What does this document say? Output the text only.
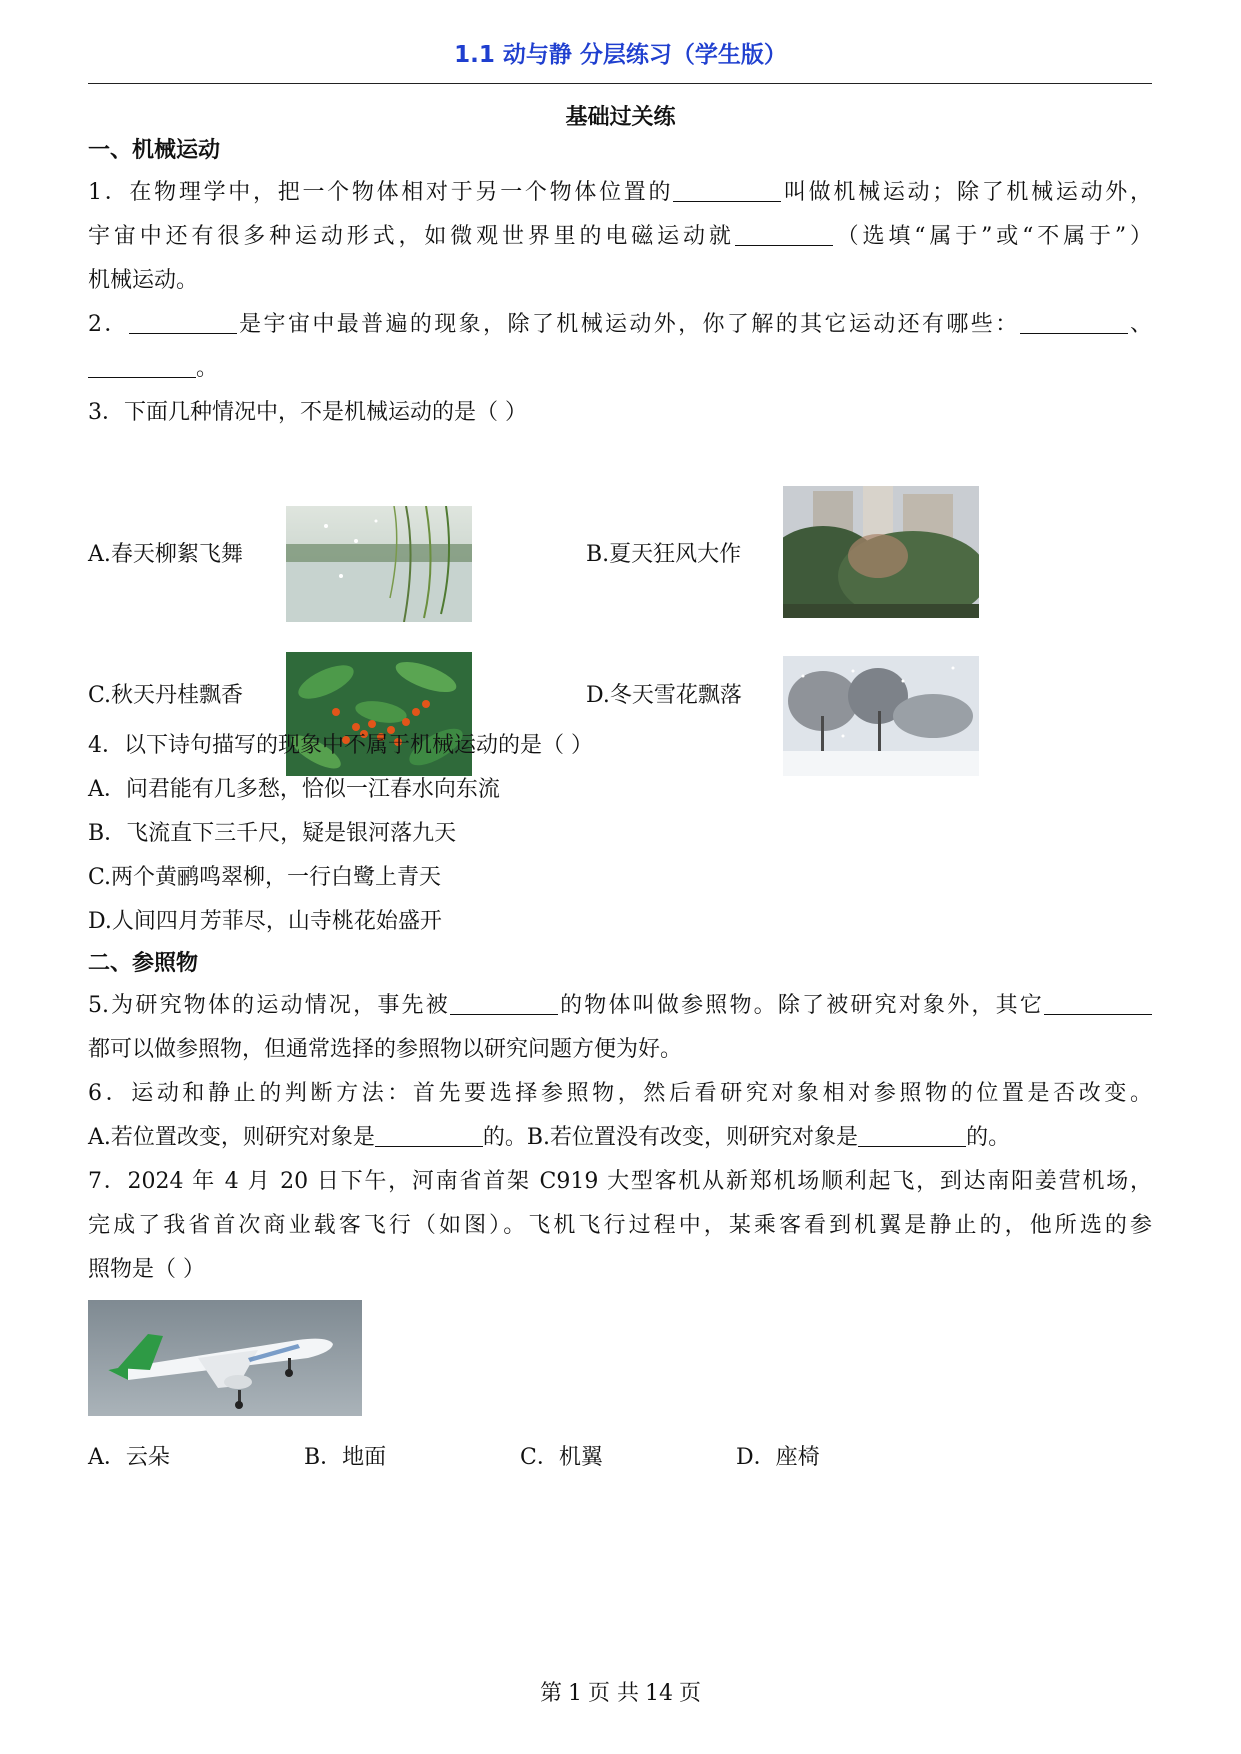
1.1 动与静 分层练习（学生版）
基础过关练
一、机械运动
1．在物理学中，把一个物体相对于另一个物体位置的	叫做机械运动；除了机械运动外，
宇宙中还有很多种运动形式，如微观世界里的电磁运动就	（选填“属于”或“不属于”）
机械运动。
2．	是宇宙中最普遍的现象，除了机械运动外，你了解的其它运动还有哪些：	、
。
3．下面几种情况中，不是机械运动的是（ ）
A.春天柳絮飞舞	B.夏天狂风大作
C.秋天丹桂飘香	D.冬天雪花飘落
4．以下诗句描写的现象中不属于机械运动的是（ ）
A．问君能有几多愁，恰似一江春水向东流
B．飞流直下三千尺，疑是银河落九天
C.两个黄鹂鸣翠柳，一行白鹭上青天
D.人间四月芳菲尽，山寺桃花始盛开
二、参照物
5.为研究物体的运动情况，事先被	的物体叫做参照物。除了被研究对象外，其它
都可以做参照物，但通常选择的参照物以研究问题方便为好。
6．运动和静止的判断方法：首先要选择参照物，然后看研究对象相对参照物的位置是否改变。
A.若位置改变，则研究对象是	的。B.若位置没有改变，则研究对象是	的。
7．2024 年 4 月 20 日下午，河南省首架 C919 大型客机从新郑机场顺利起飞，到达南阳姜营机场，
完成了我省首次商业载客飞行（如图）。飞机飞行过程中，某乘客看到机翼是静止的，他所选的参
照物是（ ）
A．云朵	B．地面	C．机翼	D．座椅
第 1 页 共 14 页
